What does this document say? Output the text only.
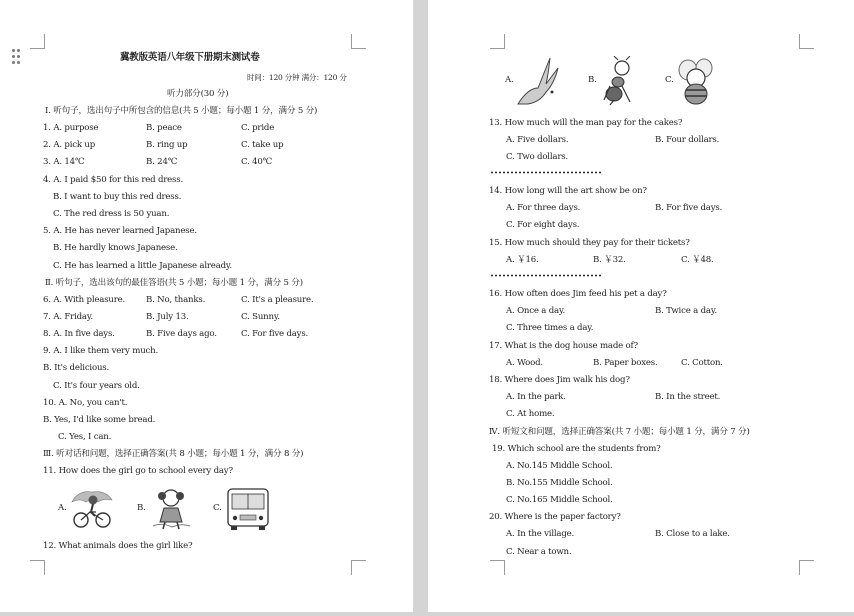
冀教版英语八年级下册期末测试卷
时间：120 分钟 满分：120 分
听力部分(30 分)
Ⅰ. 听句子，选出句子中所包含的信息(共 5 小题；每小题 1 分，满分 5 分)
1. A. purpose	B. peace	C. pride
2. A. pick up	B. ring up	C. take up
3. A. 14℃	B. 24℃	C. 40℃
4. A. I paid $50 for this red dress.
B. I want to buy this red dress.
C. The red dress is 50 yuan.
5. A. He has never learned Japanese.
B. He hardly knows Japanese.
C. He has learned a little Japanese already.
Ⅱ. 听句子，选出该句的最佳答语(共 5 小题；每小题 1 分，满分 5 分)
6. A. With pleasure. B. No, thanks.	C. It's a pleasure.
7. A. Friday.	B. July 13.	C. Sunny.
8. A. In five days.	B. Five days ago.	C. For five days.
9. A. I like them very much.
B. It's delicious.
C. It's four years old.
10. A. No, you can't.
B. Yes, I'd like some bread.
C. Yes, I can.
Ⅲ. 听对话和问题，选择正确答案(共 8 小题；每小题 1 分，满分 8 分)
11. How does the girl go to school every day?
A.	B.	C.
12. What animals does the girl like?
A.	B.	C.
13. How much will the man pay for the cakes?
A. Five dollars.	B. Four dollars.
C. Two dollars.
14. How long will the art show be on?
A. For three days.	B. For five days.
C. For eight days.
15. How much should they pay for their tickets?
A. ￥16.	B. ￥32.	C. ￥48.
16. How often does Jim feed his pet a day?
A. Once a day.	B. Twice a day.
C. Three times a day.
17. What is the dog house made of?
A. Wood.	B. Paper boxes.	C. Cotton.
18. Where does Jim walk his dog?
A. In the park.	B. In the street.
C. At home.
Ⅳ. 听短文和问题，选择正确答案(共 7 小题；每小题 1 分，满分 7 分)
19. Which school are the students from?
A. No.145 Middle School.
B. No.155 Middle School.
C. No.165 Middle School.
20. Where is the paper factory?
A. In the village.	B. Close to a lake.
C. Near a town.
